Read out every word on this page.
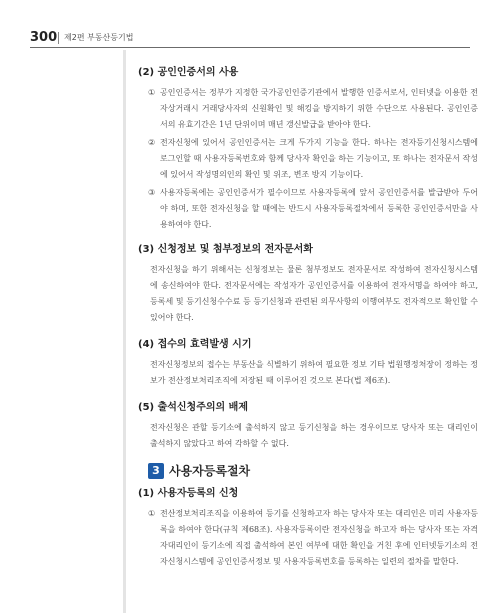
300 제2편 부동산등기법
(2) 공인인증서의 사용
① 공인인증서는 정부가 지정한 국가공인인증기관에서 발행한 인증서로서, 인터넷을 이용한 전자상거래시 거래당사자의 신원확인 및 해킹을 방지하기 위한 수단으로 사용된다. 공인인증서의 유효기간은 1년 단위이며 매년 갱신발급을 받아야 한다.

② 전자신청에 있어서 공인인증서는 크게 두가지 기능을 한다. 하나는 전자등기신청시스템에 로그인할 때 사용자등록번호와 함께 당사자 확인을 하는 기능이고, 또 하나는 전자문서 작성에 있어서 작성명의인의 확인 및 위조, 변조 방지 기능이다.

③ 사용자등록에는 공인인증서가 필수이므로 사용자등록에 앞서 공인인증서를 발급받아 두어야 하며, 또한 전자신청을 할 때에는 반드시 사용자등록절차에서 등록한 공인인증서만을 사용하여야 한다.

(3) 신청정보 및 첨부정보의 전자문서화

전자신청을 하기 위해서는 신청정보는 물론 첨부정보도 전자문서로 작성하여 전자신청시스템에 송신하여야 한다. 전자문서에는 작성자가 공인인증서를 이용하여 전자서명을 하여야 하고, 등록세 및 등기신청수수료 등 등기신청과 관련된 의무사항의 이행여부도 전자적으로 확인할 수 있어야 한다.

(4) 접수의 효력발생 시기

전자신청정보의 접수는 부동산을 식별하기 위하여 필요한 정보 기타 법원행정처장이 정하는 정보가 전산정보처리조직에 저장된 때 이루어진 것으로 본다(법 제6조).

(5) 출석신청주의의 배제

전자신청은 관할 등기소에 출석하지 않고 등기신청을 하는 경우이므로 당사자 또는 대리인이 출석하지 않았다고 하여 각하할 수 없다.

3 사용자등록절차
(1) 사용자등록의 신청
① 전산정보처리조직을 이용하여 등기를 신청하고자 하는 당사자 또는 대리인은 미리 사용자등록을 하여야 한다(규칙 제68조). 사용자등록이란 전자신청을 하고자 하는 당사자 또는 자격자대리인이 등기소에 직접 출석하여 본인 여부에 대한 확인을 거친 후에 인터넷등기소의 전자신청시스템에 공인인증서정보 및 사용자등록번호를 등록하는 일련의 절차를 말한다.
